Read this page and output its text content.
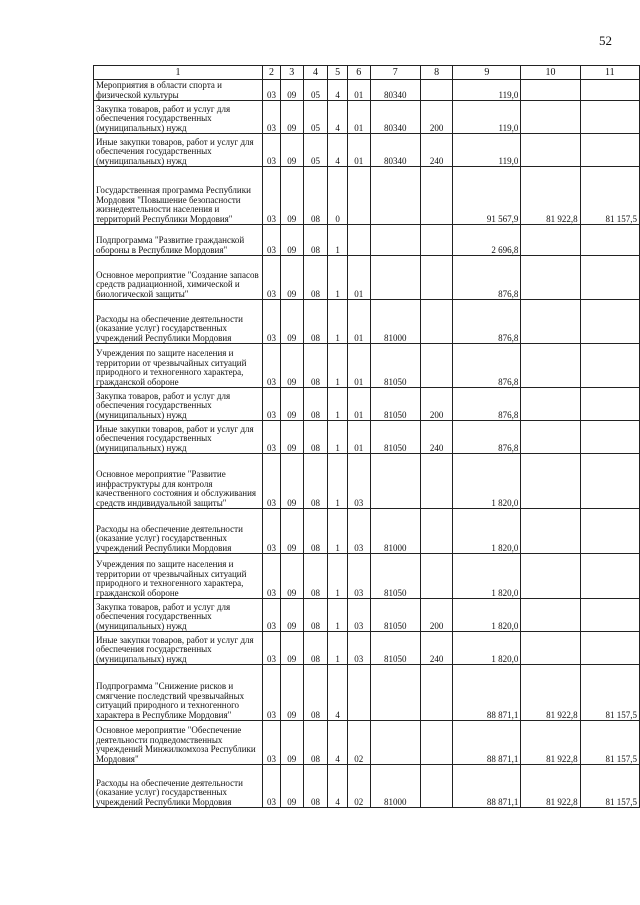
52
1	2	3	4	5	6	7	8	9	10	11
Мероприятия в области спорта и физической культуры	03	09	05	4	01	80340		119,0		
Закупка товаров, работ и услуг для обеспечения государственных (муниципальных) нужд	03	09	05	4	01	80340	200	119,0		
Иные закупки товаров, работ и услуг для обеспечения государственных (муниципальных) нужд	03	09	05	4	01	80340	240	119,0		
Государственная программа Республики Мордовия "Повышение безопасности жизнедеятельности населения и территорий Республики Мордовия"	03	09	08	0				91 567,9	81 922,8	81 157,5
Подпрограмма "Развитие гражданской обороны в Республике Мордовия"	03	09	08	1				2 696,8		
Основное мероприятие "Создание запасов средств радиационной, химической и биологической защиты"	03	09	08	1	01			876,8		
Расходы на обеспечение деятельности (оказание услуг) государственных учреждений Республики Мордовия	03	09	08	1	01	81000		876,8		
Учреждения по защите населения и территории от чрезвычайных ситуаций природного и техногенного характера, гражданской обороне	03	09	08	1	01	81050		876,8		
Закупка товаров, работ и услуг для обеспечения государственных (муниципальных) нужд	03	09	08	1	01	81050	200	876,8		
Иные закупки товаров, работ и услуг для обеспечения государственных (муниципальных) нужд	03	09	08	1	01	81050	240	876,8		
Основное мероприятие "Развитие инфраструктуры для контроля качественного состояния и обслуживания средств индивидуальной защиты"	03	09	08	1	03			1 820,0		
Расходы на обеспечение деятельности (оказание услуг) государственных учреждений Республики Мордовия	03	09	08	1	03	81000		1 820,0		
Учреждения по защите населения и территории от чрезвычайных ситуаций природного и техногенного характера, гражданской обороне	03	09	08	1	03	81050		1 820,0		
Закупка товаров, работ и услуг для обеспечения государственных (муниципальных) нужд	03	09	08	1	03	81050	200	1 820,0		
Иные закупки товаров, работ и услуг для обеспечения государственных (муниципальных) нужд	03	09	08	1	03	81050	240	1 820,0		
Подпрограмма "Снижение рисков и смягчение последствий чрезвычайных ситуаций природного и техногенного характера в Республике Мордовия"	03	09	08	4				88 871,1	81 922,8	81 157,5
Основное мероприятие "Обеспечение деятельности подведомственных учреждений Минжилкомхоза Республики Мордовия"	03	09	08	4	02			88 871,1	81 922,8	81 157,5
Расходы на обеспечение деятельности (оказание услуг) государственных учреждений Республики Мордовия	03	09	08	4	02	81000		88 871,1	81 922,8	81 157,5
